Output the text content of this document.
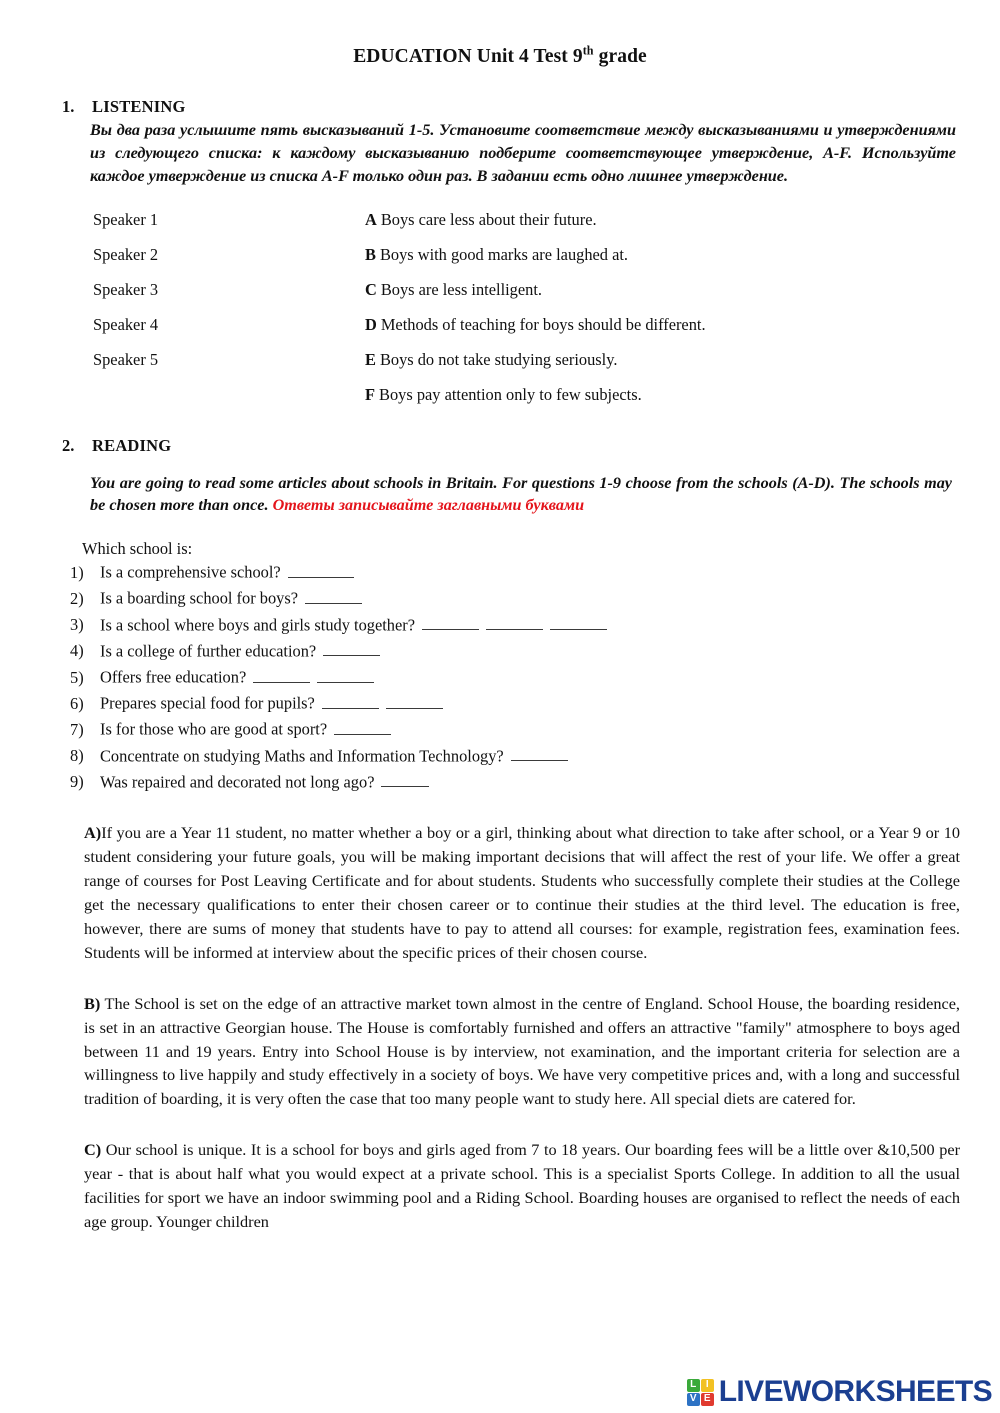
EDUCATION Unit 4 Test 9th grade
1.	LISTENING

Вы два раза услышите пять высказываний 1-5. Установите соответствие между высказываниями и утверждениями из следующего списка: к каждому высказыванию подберите соответствующее утверждение, A-F. Используйте каждое утверждение из списка A-F только один раз. В задании есть одно лишнее утверждение.

Speaker 1	A Boys care less about their future.
Speaker 2	B Boys with good marks are laughed at.
Speaker 3	C Boys are less intelligent.
Speaker 4	D Methods of teaching for boys should be different.
Speaker 5	E Boys do not take studying seriously.
F Boys pay attention only to few subjects.
2.	READING

You are going to read some articles about schools in Britain. For questions 1-9 choose from the schools (A-D). The schools may be chosen more than once. Ответы записывайте заглавными буквами

Which school is:
1) Is a comprehensive school?
2) Is a boarding school for boys?
3) Is a school where boys and girls study together?
4) Is a college of further education?
5) Offers free education?
6) Prepares special food for pupils?
7) Is for those who are good at sport?
8) Concentrate on studying Maths and Information Technology?
9) Was repaired and decorated not long ago?

A)If you are a Year 11 student, no matter whether a boy or a girl, thinking about what direction to take after school, or a Year 9 or 10 student considering your future goals, you will be making important decisions that will affect the rest of your life. We offer a great range of courses for Post Leaving Certificate and for about students. Students who successfully complete their studies at the College get the necessary qualifications to enter their chosen career or to continue their studies at the third level. The education is free, however, there are sums of money that students have to pay to attend all courses: for example, registration fees, examination fees. Students will be informed at interview about the specific prices of their chosen course.

B) The School is set on the edge of an attractive market town almost in the centre of England. School House, the boarding residence, is set in an attractive Georgian house. The House is comfortably furnished and offers an attractive "family" atmosphere to boys aged between 11 and 19 years. Entry into School House is by interview, not examination, and the important criteria for selection are a willingness to live happily and study effectively in a society of boys. We have very competitive prices and, with a long and successful tradition of boarding, it is very often the case that too many people want to study here. All special diets are catered for.

C) Our school is unique. It is a school for boys and girls aged from 7 to 18 years. Our boarding fees will be a little over &10,500 per year - that is about half what you would expect at a private school. This is a specialist Sports College. In addition to all the usual facilities for sport we have an indoor swimming pool and a Riding School. Boarding houses are organised to reflect the needs of each age group. Younger children

L I
V E LIVEWORKSHEETS
